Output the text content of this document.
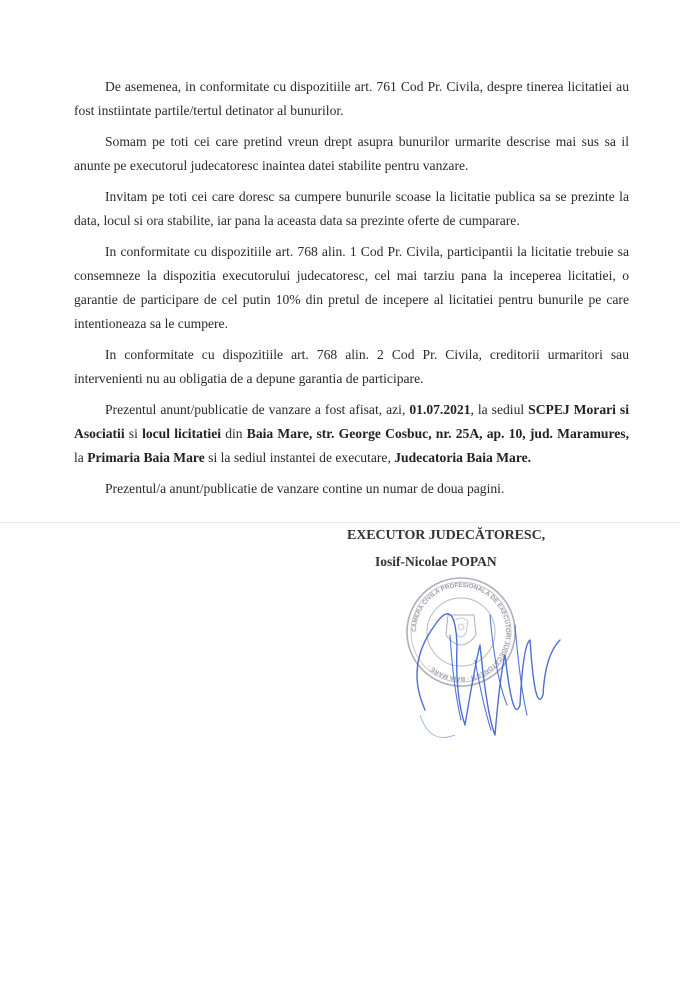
De asemenea, in conformitate cu dispozitiile art. 761 Cod Pr. Civila, despre tinerea licitatiei au fost instiintate partile/tertul detinator al bunurilor.

Somam pe toti cei care pretind vreun drept asupra bunurilor urmarite descrise mai sus sa il anunte pe executorul judecatoresc inaintea datei stabilite pentru vanzare.

Invitam pe toti cei care doresc sa cumpere bunurile scoase la licitatie publica sa se prezinte la data, locul si ora stabilite, iar pana la aceasta data sa prezinte oferte de cumparare.

In conformitate cu dispozitiile art. 768 alin. 1 Cod Pr. Civila, participantii la licitatie trebuie sa consemneze la dispozitia executorului judecatoresc, cel mai tarziu pana la inceperea licitatiei, o garantie de participare de cel putin 10% din pretul de incepere al licitatiei pentru bunurile pe care intentioneaza sa le cumpere.

In conformitate cu dispozitiile art. 768 alin. 2 Cod Pr. Civila, creditorii urmaritori sau intervenienti nu au obligatia de a depune garantia de participare.

Prezentul anunt/publicatie de vanzare a fost afisat, azi, 01.07.2021, la sediul SCPEJ Morari si Asociatii si locul licitatiei din Baia Mare, str. George Cosbuc, nr. 25A, ap. 10, jud. Maramures, la Primaria Baia Mare si la sediul instantei de executare, Judecatoria Baia Mare.

Prezentul/a anunt/publicatie de vanzare contine un numar de doua pagini.

EXECUTOR JUDECĂTORESC,
Iosif-Nicolae POPAN
CAMERA CIVILĂ PROFESIONALĂ DE EXECUTORI JUDECĂTOREȘTI · BAIA MARE ·
